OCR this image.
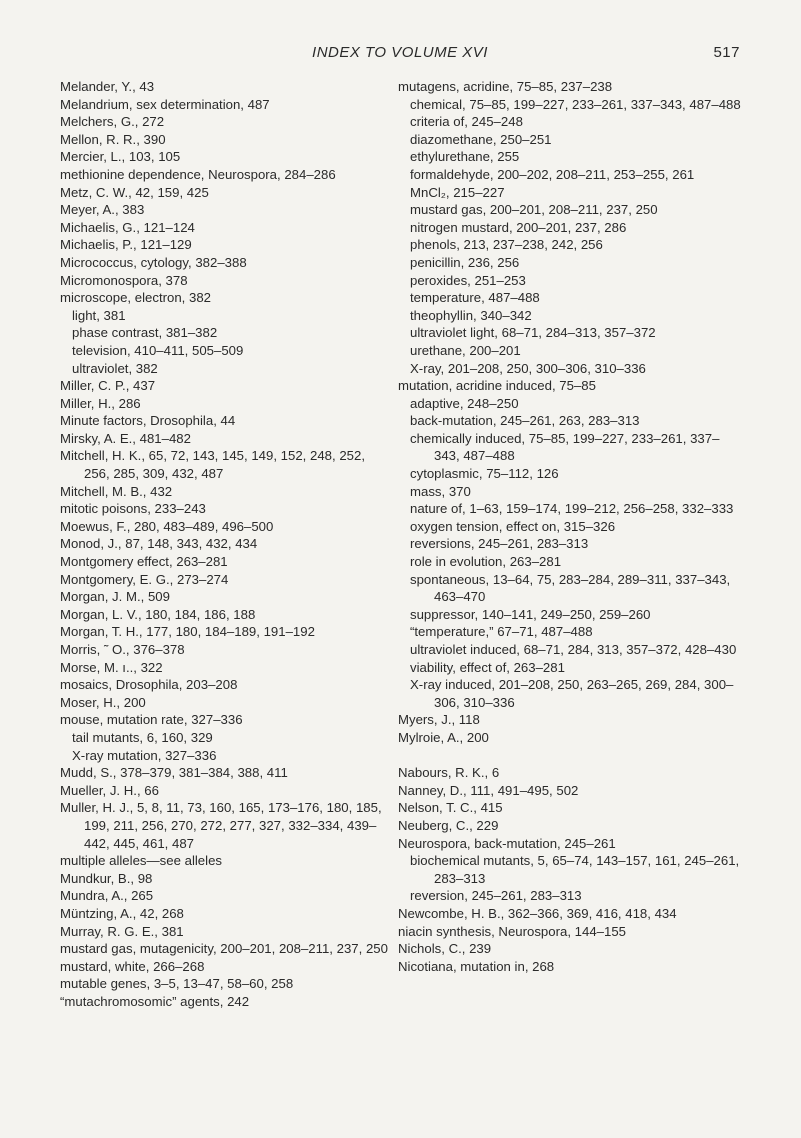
INDEX TO VOLUME XVI	517

Melander, Y., 43

Melandrium, sex determination, 487

Melchers, G., 272

Mellon, R. R., 390

Mercier, L., 103, 105

methionine dependence, Neurospora, 284–286

Metz, C. W., 42, 159, 425

Meyer, A., 383

Michaelis, G., 121–124

Michaelis, P., 121–129

Micrococcus, cytology, 382–388

Micromonospora, 378

microscope, electron, 382

light, 381

phase contrast, 381–382

television, 410–411, 505–509

ultraviolet, 382

Miller, C. P., 437

Miller, H., 286

Minute factors, Drosophila, 44

Mirsky, A. E., 481–482

Mitchell, H. K., 65, 72, 143, 145, 149, 152, 248, 252, 256, 285, 309, 432, 487

Mitchell, M. B., 432

mitotic poisons, 233–243

Moewus, F., 280, 483–489, 496–500

Monod, J., 87, 148, 343, 432, 434

Montgomery effect, 263–281

Montgomery, E. G., 273–274

Morgan, J. M., 509

Morgan, L. V., 180, 184, 186, 188

Morgan, T. H., 177, 180, 184–189, 191–192

Morris, ˜ O., 376–378

Morse, M. ı.., 322

mosaics, Drosophila, 203–208

Moser, H., 200

mouse, mutation rate, 327–336

tail mutants, 6, 160, 329

X-ray mutation, 327–336

Mudd, S., 378–379, 381–384, 388, 411

Mueller, J. H., 66

Muller, H. J., 5, 8, 11, 73, 160, 165, 173–176, 180, 185, 199, 211, 256, 270, 272, 277, 327, 332–334, 439–442, 445, 461, 487

multiple alleles—see alleles

Mundkur, B., 98

Mundra, A., 265

Müntzing, A., 42, 268

Murray, R. G. E., 381

mustard gas, mutagenicity, 200–201, 208–211, 237, 250

mustard, white, 266–268

mutable genes, 3–5, 13–47, 58–60, 258

“mutachromosomic” agents, 242

mutagens, acridine, 75–85, 237–238

chemical, 75–85, 199–227, 233–261, 337–343, 487–488

criteria of, 245–248

diazomethane, 250–251

ethylurethane, 255

formaldehyde, 200–202, 208–211, 253–255, 261

MnCl₂, 215–227

mustard gas, 200–201, 208–211, 237, 250

nitrogen mustard, 200–201, 237, 286

phenols, 213, 237–238, 242, 256

penicillin, 236, 256

peroxides, 251–253

temperature, 487–488

theophyllin, 340–342

ultraviolet light, 68–71, 284–313, 357–372

urethane, 200–201

X-ray, 201–208, 250, 300–306, 310–336

mutation, acridine induced, 75–85

adaptive, 248–250

back-mutation, 245–261, 263, 283–313

chemically induced, 75–85, 199–227, 233–261, 337–343, 487–488

cytoplasmic, 75–112, 126

mass, 370

nature of, 1–63, 159–174, 199–212, 256–258, 332–333

oxygen tension, effect on, 315–326

reversions, 245–261, 283–313

role in evolution, 263–281

spontaneous, 13–64, 75, 283–284, 289–311, 337–343, 463–470

suppressor, 140–141, 249–250, 259–260

“temperature,” 67–71, 487–488

ultraviolet induced, 68–71, 284, 313, 357–372, 428–430

viability, effect of, 263–281

X-ray induced, 201–208, 250, 263–265, 269, 284, 300–306, 310–336

Myers, J., 118

Mylroie, A., 200

Nabours, R. K., 6

Nanney, D., 111, 491–495, 502

Nelson, T. C., 415

Neuberg, C., 229

Neurospora, back-mutation, 245–261

biochemical mutants, 5, 65–74, 143–157, 161, 245–261, 283–313

reversion, 245–261, 283–313

Newcombe, H. B., 362–366, 369, 416, 418, 434

niacin synthesis, Neurospora, 144–155

Nichols, C., 239

Nicotiana, mutation in, 268
